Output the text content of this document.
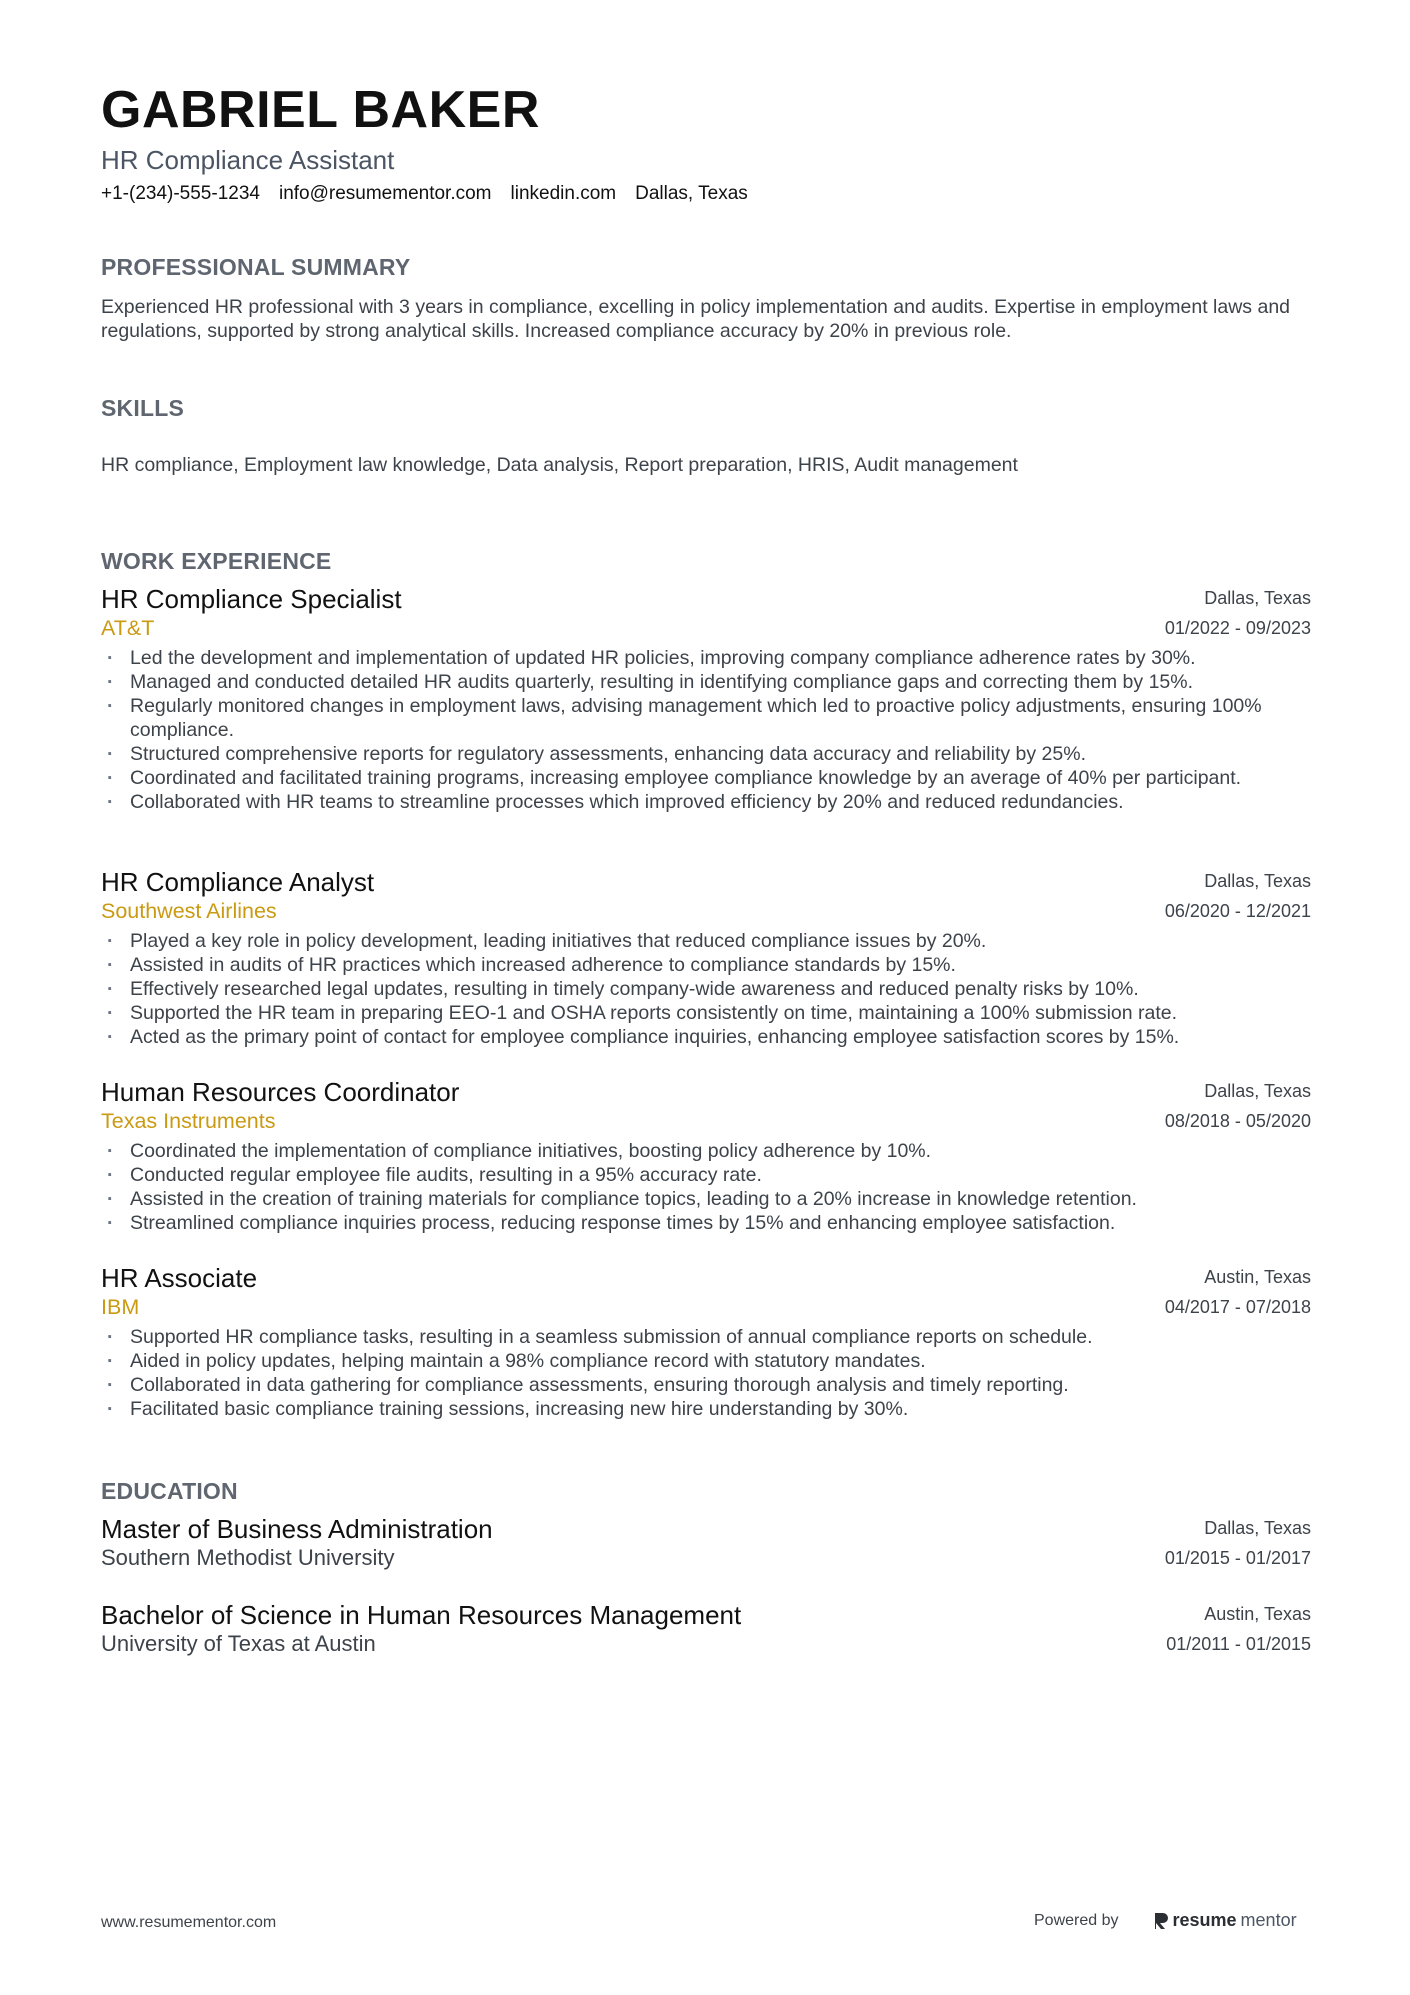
GABRIEL BAKER
HR Compliance Assistant
+1-(234)-555-1234 info@resumementor.com linkedin.com Dallas, Texas
PROFESSIONAL SUMMARY

Experienced HR professional with 3 years in compliance, excelling in policy implementation and audits. Expertise in employment laws and regulations, supported by strong analytical skills. Increased compliance accuracy by 20% in previous role.

SKILLS

HR compliance, Employment law knowledge, Data analysis, Report preparation, HRIS, Audit management

WORK EXPERIENCE
HR Compliance Specialist
AT&T
Dallas, Texas
01/2022 - 09/2023
· Led the development and implementation of updated HR policies, improving company compliance adherence rates by 30%.
· Managed and conducted detailed HR audits quarterly, resulting in identifying compliance gaps and correcting them by 15%.
· Regularly monitored changes in employment laws, advising management which led to proactive policy adjustments, ensuring 100% compliance.
· Structured comprehensive reports for regulatory assessments, enhancing data accuracy and reliability by 25%.
· Coordinated and facilitated training programs, increasing employee compliance knowledge by an average of 40% per participant.
· Collaborated with HR teams to streamline processes which improved efficiency by 20% and reduced redundancies.
HR Compliance Analyst
Southwest Airlines
Dallas, Texas
06/2020 - 12/2021
· Played a key role in policy development, leading initiatives that reduced compliance issues by 20%.
· Assisted in audits of HR practices which increased adherence to compliance standards by 15%.
· Effectively researched legal updates, resulting in timely company-wide awareness and reduced penalty risks by 10%.
· Supported the HR team in preparing EEO-1 and OSHA reports consistently on time, maintaining a 100% submission rate.
· Acted as the primary point of contact for employee compliance inquiries, enhancing employee satisfaction scores by 15%.
Human Resources Coordinator
Texas Instruments
Dallas, Texas
08/2018 - 05/2020
· Coordinated the implementation of compliance initiatives, boosting policy adherence by 10%.
· Conducted regular employee file audits, resulting in a 95% accuracy rate.
· Assisted in the creation of training materials for compliance topics, leading to a 20% increase in knowledge retention.
· Streamlined compliance inquiries process, reducing response times by 15% and enhancing employee satisfaction.
HR Associate
IBM
Austin, Texas
04/2017 - 07/2018
· Supported HR compliance tasks, resulting in a seamless submission of annual compliance reports on schedule.
· Aided in policy updates, helping maintain a 98% compliance record with statutory mandates.
· Collaborated in data gathering for compliance assessments, ensuring thorough analysis and timely reporting.
· Facilitated basic compliance training sessions, increasing new hire understanding by 30%.
EDUCATION
Master of Business Administration
Southern Methodist University
Dallas, Texas
01/2015 - 01/2017
Bachelor of Science in Human Resources Management
University of Texas at Austin
Austin, Texas
01/2011 - 01/2015
www.resumementor.com	Powered by	resume mentor
